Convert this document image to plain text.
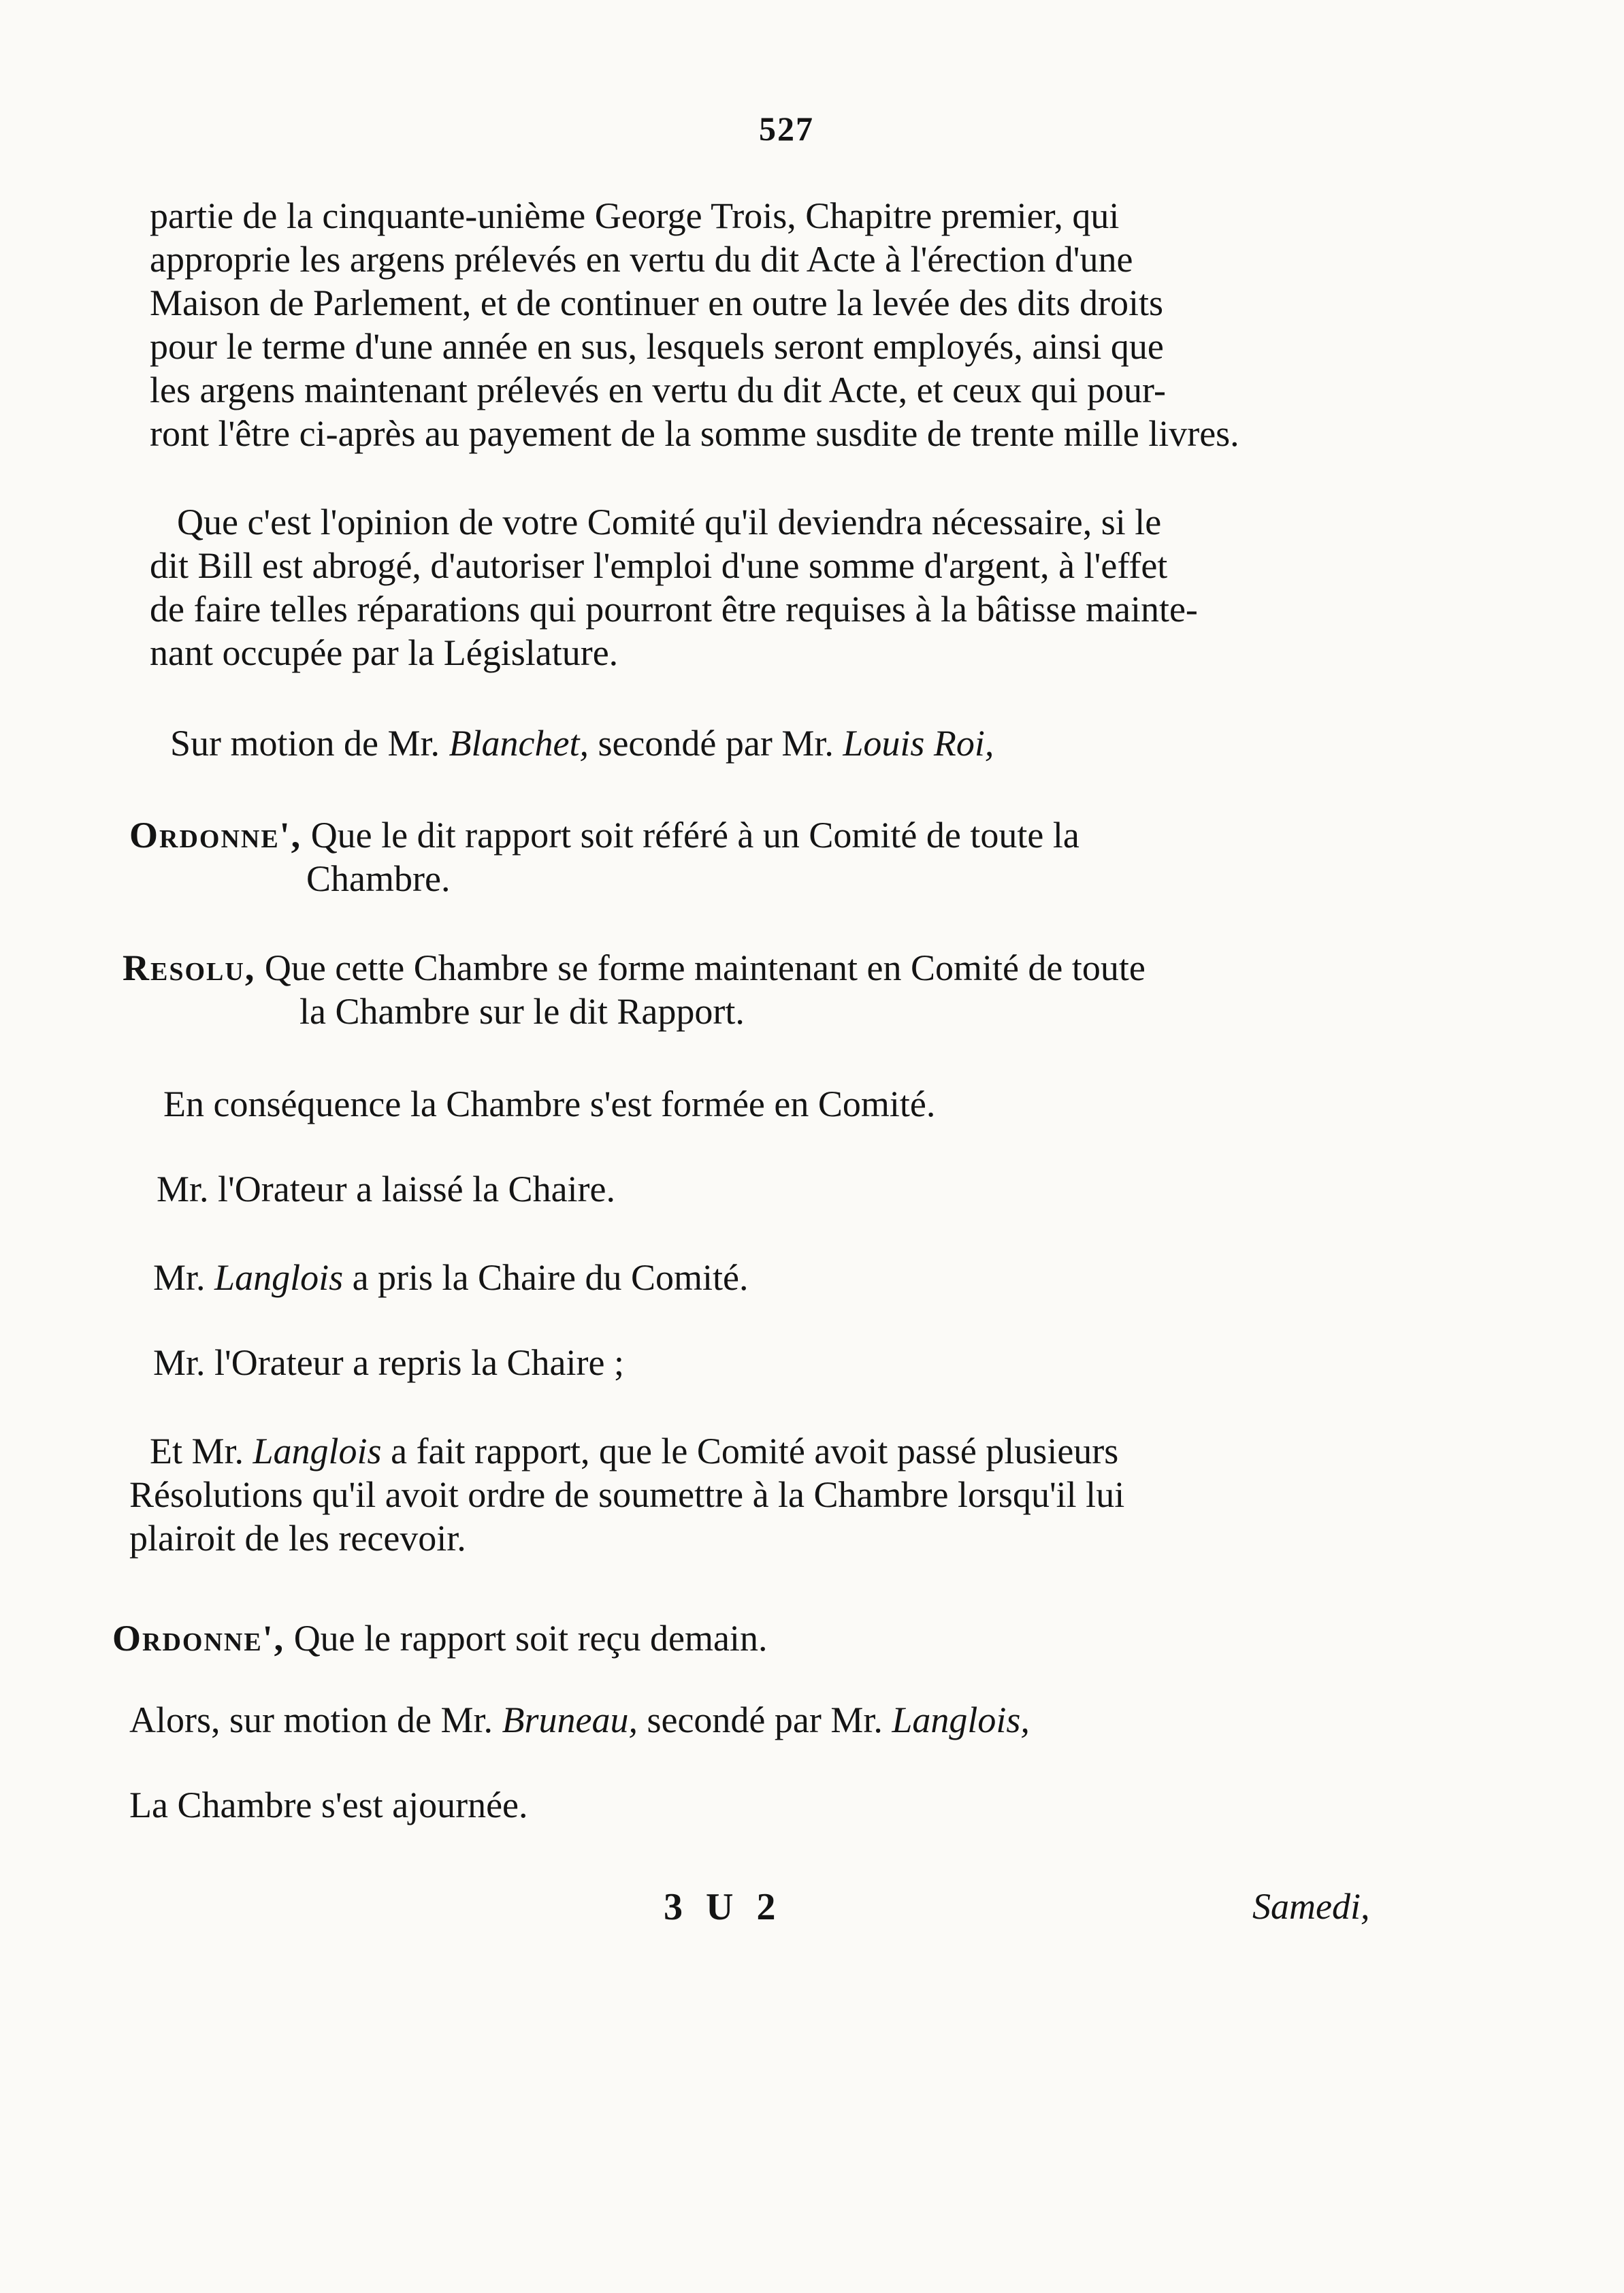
527

partie de la cinquante-unième George Trois, Chapitre premier, qui
approprie les argens prélevés en vertu du dit Acte à l'érection d'une
Maison de Parlement, et de continuer en outre la levée des dits droits
pour le terme d'une année en sus, lesquels seront employés, ainsi que
les argens maintenant prélevés en vertu du dit Acte, et ceux qui pour-
ront l'être ci-après au payement de la somme susdite de trente mille livres.

Que c'est l'opinion de votre Comité qu'il deviendra nécessaire, si le
dit Bill est abrogé, d'autoriser l'emploi d'une somme d'argent, à l'effet
de faire telles réparations qui pourront être requises à la bâtisse mainte-
nant occupée par la Législature.

Sur motion de Mr. Blanchet, secondé par Mr. Louis Roi,

Ordonne', Que le dit rapport soit référé à un Comité de toute la
Chambre.

Resolu, Que cette Chambre se forme maintenant en Comité de toute
la Chambre sur le dit Rapport.

En conséquence la Chambre s'est formée en Comité.

Mr. l'Orateur a laissé la Chaire.

Mr. Langlois a pris la Chaire du Comité.

Mr. l'Orateur a repris la Chaire ;

Et Mr. Langlois a fait rapport, que le Comité avoit passé plusieurs
Résolutions qu'il avoit ordre de soumettre à la Chambre lorsqu'il lui
plairoit de les recevoir.

Ordonne', Que le rapport soit reçu demain.

Alors, sur motion de Mr. Bruneau, secondé par Mr. Langlois,

La Chambre s'est ajournée.

3 U 2	Samedi,
